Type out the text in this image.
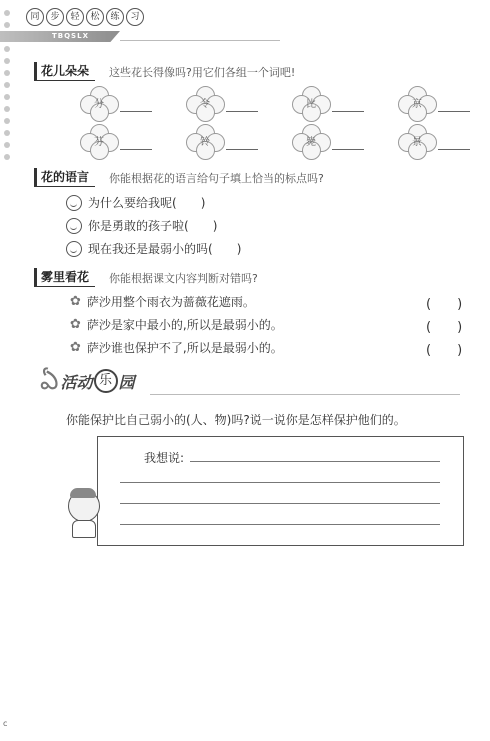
同	步	轻	松	练	习
TBQSLX
花儿朵朵	这些花长得像吗?用它们各组一个词吧!
分	令	比	京
芬	铃	毙	景
花的语言	你能根据花的语言给句子填上恰当的标点吗?
为什么要给我呢 (　　)
你是勇敢的孩子啦 (　　)
现在我还是最弱小的吗 (　　)
雾里看花	你能根据课文内容判断对错吗?
✿ 萨沙用整个雨衣为蔷薇花遮雨。	(　　)
✿ 萨沙是家中最小的,所以是最弱小的。	(　　)
✿ 萨沙谁也保护不了,所以是最弱小的。	(　　)
ఏ 活动 乐 园
你能保护比自己弱小的(人、物)吗?说一说你是怎样保护他们的。
我想说:
c
